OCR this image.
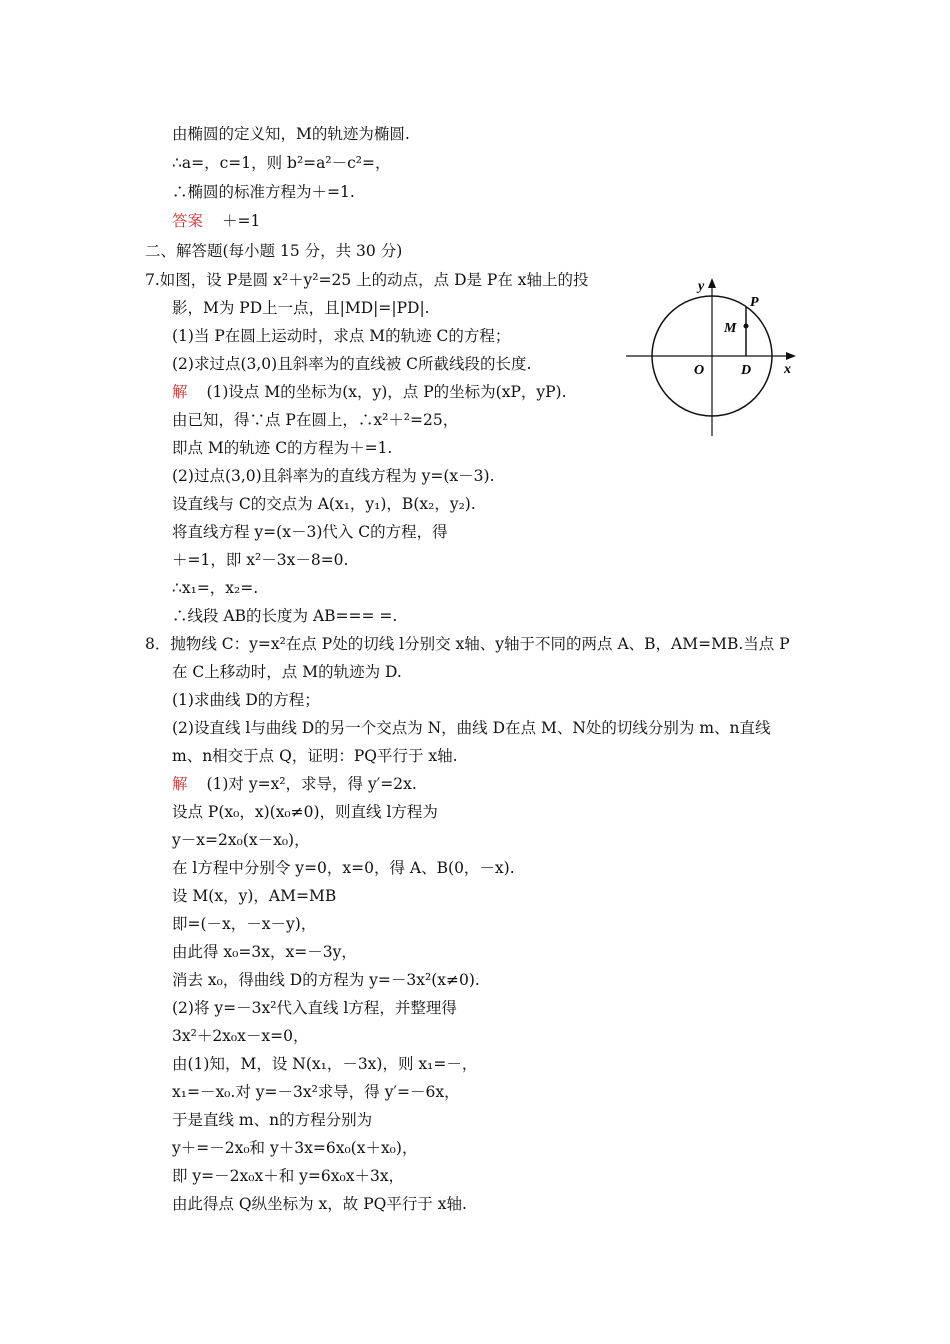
由椭圆的定义知，M的轨迹为椭圆.
∴a=，c=1，则 b²=a²－c²=，
∴椭圆的标准方程为＋=1.
答案 ＋=1
二、解答题(每小题 15 分，共 30 分)
7.如图，设 P是圆 x²＋y²=25 上的动点，点 D是 P在 x轴上的投
影，M为 PD上一点，且|MD|=|PD|.
(1)当 P在圆上运动时，求点 M的轨迹 C的方程；
(2)求过点(3,0)且斜率为的直线被 C所截线段的长度.
解 (1)设点 M的坐标为(x，y)，点 P的坐标为(xP，yP).
由已知，得∵点 P在圆上，∴x²＋²=25，
即点 M的轨迹 C的方程为＋=1.
(2)过点(3,0)且斜率为的直线方程为 y=(x－3).
设直线与 C的交点为 A(x₁，y₁)，B(x₂，y₂).
将直线方程 y=(x－3)代入 C的方程，得
＋=1，即 x²－3x－8=0.
∴x₁=，x₂=.
∴线段 AB的长度为 AB=== =.
8．抛物线 C：y=x²在点 P处的切线 l分别交 x轴、y轴于不同的两点 A、B，AM=MB.当点 P
在 C上移动时，点 M的轨迹为 D.
(1)求曲线 D的方程；
(2)设直线 l与曲线 D的另一个交点为 N，曲线 D在点 M、N处的切线分别为 m、n直线
m、n相交于点 Q，证明：PQ平行于 x轴.
解 (1)对 y=x²，求导，得 y′=2x.
设点 P(x₀，x)(x₀≠0)，则直线 l方程为
y－x=2x₀(x－x₀)，
在 l方程中分别令 y=0，x=0，得 A、B(0，－x).
设 M(x，y)，AM=MB
即=(－x，－x－y)，
由此得 x₀=3x，x=－3y，
消去 x₀，得曲线 D的方程为 y=－3x²(x≠0).
(2)将 y=－3x²代入直线 l方程，并整理得
3x²＋2x₀x－x=0，
由(1)知，M，设 N(x₁，－3x)，则 x₁=－，
x₁=－x₀.对 y=－3x²求导，得 y′=－6x，
于是直线 m、n的方程分别为
y＋=－2x₀和 y＋3x=6x₀(x＋x₀)，
即 y=－2x₀x＋和 y=6x₀x＋3x，
由此得点 Q纵坐标为 x，故 PQ平行于 x轴.
y
x
O
P
M
D
